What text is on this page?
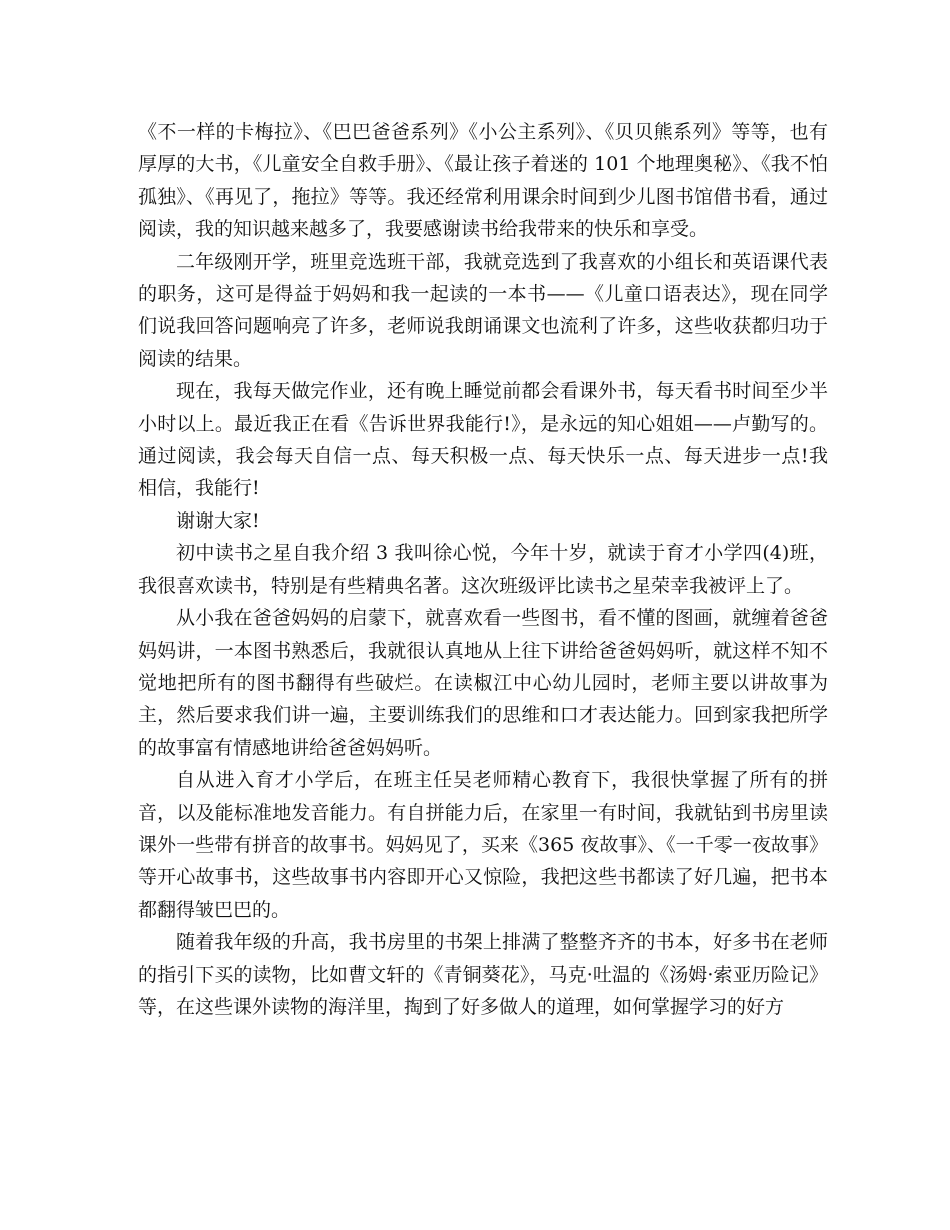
《不一样的卡梅拉》、《巴巴爸爸系列》《小公主系列》、《贝贝熊系列》等等，也有厚厚的大书，《儿童安全自救手册》、《最让孩子着迷的 101 个地理奥秘》、《我不怕孤独》、《再见了，拖拉》等等。我还经常利用课余时间到少儿图书馆借书看，通过阅读，我的知识越来越多了，我要感谢读书给我带来的快乐和享受。

二年级刚开学，班里竞选班干部，我就竞选到了我喜欢的小组长和英语课代表的职务，这可是得益于妈妈和我一起读的一本书——《儿童口语表达》，现在同学们说我回答问题响亮了许多，老师说我朗诵课文也流利了许多，这些收获都归功于阅读的结果。

现在，我每天做完作业，还有晚上睡觉前都会看课外书，每天看书时间至少半小时以上。最近我正在看《告诉世界我能行!》，是永远的知心姐姐——卢勤写的。通过阅读，我会每天自信一点、每天积极一点、每天快乐一点、每天进步一点!我相信，我能行!

谢谢大家!

初中读书之星自我介绍 3 我叫徐心悦，今年十岁，就读于育才小学四(4)班，我很喜欢读书，特别是有些精典名著。这次班级评比读书之星荣幸我被评上了。

从小我在爸爸妈妈的启蒙下，就喜欢看一些图书，看不懂的图画，就缠着爸爸妈妈讲，一本图书熟悉后，我就很认真地从上往下讲给爸爸妈妈听，就这样不知不觉地把所有的图书翻得有些破烂。在读椒江中心幼儿园时，老师主要以讲故事为主，然后要求我们讲一遍，主要训练我们的思维和口才表达能力。回到家我把所学的故事富有情感地讲给爸爸妈妈听。

自从进入育才小学后，在班主任吴老师精心教育下，我很快掌握了所有的拼音，以及能标准地发音能力。有自拼能力后，在家里一有时间，我就钻到书房里读课外一些带有拼音的故事书。妈妈见了，买来《365 夜故事》、《一千零一夜故事》等开心故事书，这些故事书内容即开心又惊险，我把这些书都读了好几遍，把书本都翻得皱巴巴的。

随着我年级的升高，我书房里的书架上排满了整整齐齐的书本，好多书在老师的指引下买的读物，比如曹文轩的《青铜葵花》，马克·吐温的《汤姆·索亚历险记》等，在这些课外读物的海洋里，掏到了好多做人的道理，如何掌握学习的好方
